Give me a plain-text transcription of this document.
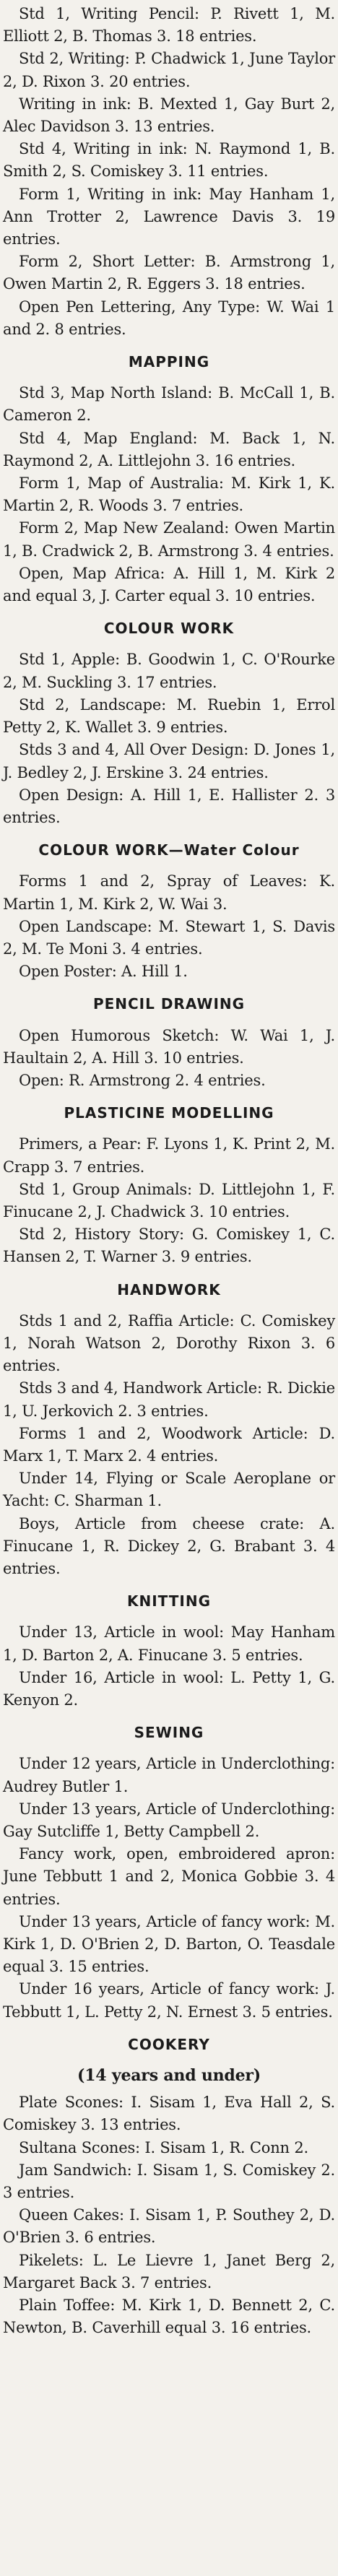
Std 1, Writing Pencil: P. Rivett 1, M. Elliott 2, B. Thomas 3. 18 entries.

Std 2, Writing: P. Chadwick 1, June Taylor 2, D. Rixon 3. 20 entries.

Writing in ink: B. Mexted 1, Gay Burt 2, Alec Davidson 3. 13 entries.

Std 4, Writing in ink: N. Raymond 1, B. Smith 2, S. Comiskey 3. 11 entries.

Form 1, Writing in ink: May Hanham 1, Ann Trotter 2, Lawrence Davis 3. 19 entries.

Form 2, Short Letter: B. Armstrong 1, Owen Martin 2, R. Eggers 3. 18 entries.

Open Pen Lettering, Any Type: W. Wai 1 and 2. 8 entries.

MAPPING

Std 3, Map North Island: B. McCall 1, B. Cameron 2.

Std 4, Map England: M. Back 1, N. Raymond 2, A. Littlejohn 3. 16 entries.

Form 1, Map of Australia: M. Kirk 1, K. Martin 2, R. Woods 3. 7 entries.

Form 2, Map New Zealand: Owen Martin 1, B. Cradwick 2, B. Armstrong 3. 4 entries.

Open, Map Africa: A. Hill 1, M. Kirk 2 and equal 3, J. Carter equal 3. 10 entries.

COLOUR WORK

Std 1, Apple: B. Goodwin 1, C. O'Rourke 2, M. Suckling 3. 17 entries.

Std 2, Landscape: M. Ruebin 1, Errol Petty 2, K. Wallet 3. 9 entries.

Stds 3 and 4, All Over Design: D. Jones 1, J. Bedley 2, J. Erskine 3. 24 entries.

Open Design: A. Hill 1, E. Hallister 2. 3 entries.

COLOUR WORK—Water Colour

Forms 1 and 2, Spray of Leaves: K. Martin 1, M. Kirk 2, W. Wai 3.

Open Landscape: M. Stewart 1, S. Davis 2, M. Te Moni 3. 4 entries.

Open Poster: A. Hill 1.

PENCIL DRAWING

Open Humorous Sketch: W. Wai 1, J. Haultain 2, A. Hill 3. 10 entries.

Open: R. Armstrong 2. 4 entries.

PLASTICINE MODELLING

Primers, a Pear: F. Lyons 1, K. Print 2, M. Crapp 3. 7 entries.

Std 1, Group Animals: D. Littlejohn 1, F. Finucane 2, J. Chadwick 3. 10 entries.

Std 2, History Story: G. Comiskey 1, C. Hansen 2, T. Warner 3. 9 entries.

HANDWORK

Stds 1 and 2, Raffia Article: C. Comiskey 1, Norah Watson 2, Dorothy Rixon 3. 6 entries.

Stds 3 and 4, Handwork Article: R. Dickie 1, U. Jerkovich 2. 3 entries.

Forms 1 and 2, Woodwork Article: D. Marx 1, T. Marx 2. 4 entries.

Under 14, Flying or Scale Aeroplane or Yacht: C. Sharman 1.

Boys, Article from cheese crate: A. Finucane 1, R. Dickey 2, G. Brabant 3. 4 entries.

KNITTING

Under 13, Article in wool: May Hanham 1, D. Barton 2, A. Finucane 3. 5 entries.

Under 16, Article in wool: L. Petty 1, G. Kenyon 2.

SEWING

Under 12 years, Article in Underclothing: Audrey Butler 1.

Under 13 years, Article of Underclothing: Gay Sutcliffe 1, Betty Campbell 2.

Fancy work, open, embroidered apron: June Tebbutt 1 and 2, Monica Gobbie 3. 4 entries.

Under 13 years, Article of fancy work: M. Kirk 1, D. O'Brien 2, D. Barton, O. Teasdale equal 3. 15 entries.

Under 16 years, Article of fancy work: J. Tebbutt 1, L. Petty 2, N. Ernest 3. 5 entries.

COOKERY

(14 years and under)

Plate Scones: I. Sisam 1, Eva Hall 2, S. Comiskey 3. 13 entries.

Sultana Scones: I. Sisam 1, R. Conn 2.

Jam Sandwich: I. Sisam 1, S. Comiskey 2. 3 entries.

Queen Cakes: I. Sisam 1, P. Southey 2, D. O'Brien 3. 6 entries.

Pikelets: L. Le Lievre 1, Janet Berg 2, Margaret Back 3. 7 entries.

Plain Toffee: M. Kirk 1, D. Bennett 2, C. Newton, B. Caverhill equal 3. 16 entries.
